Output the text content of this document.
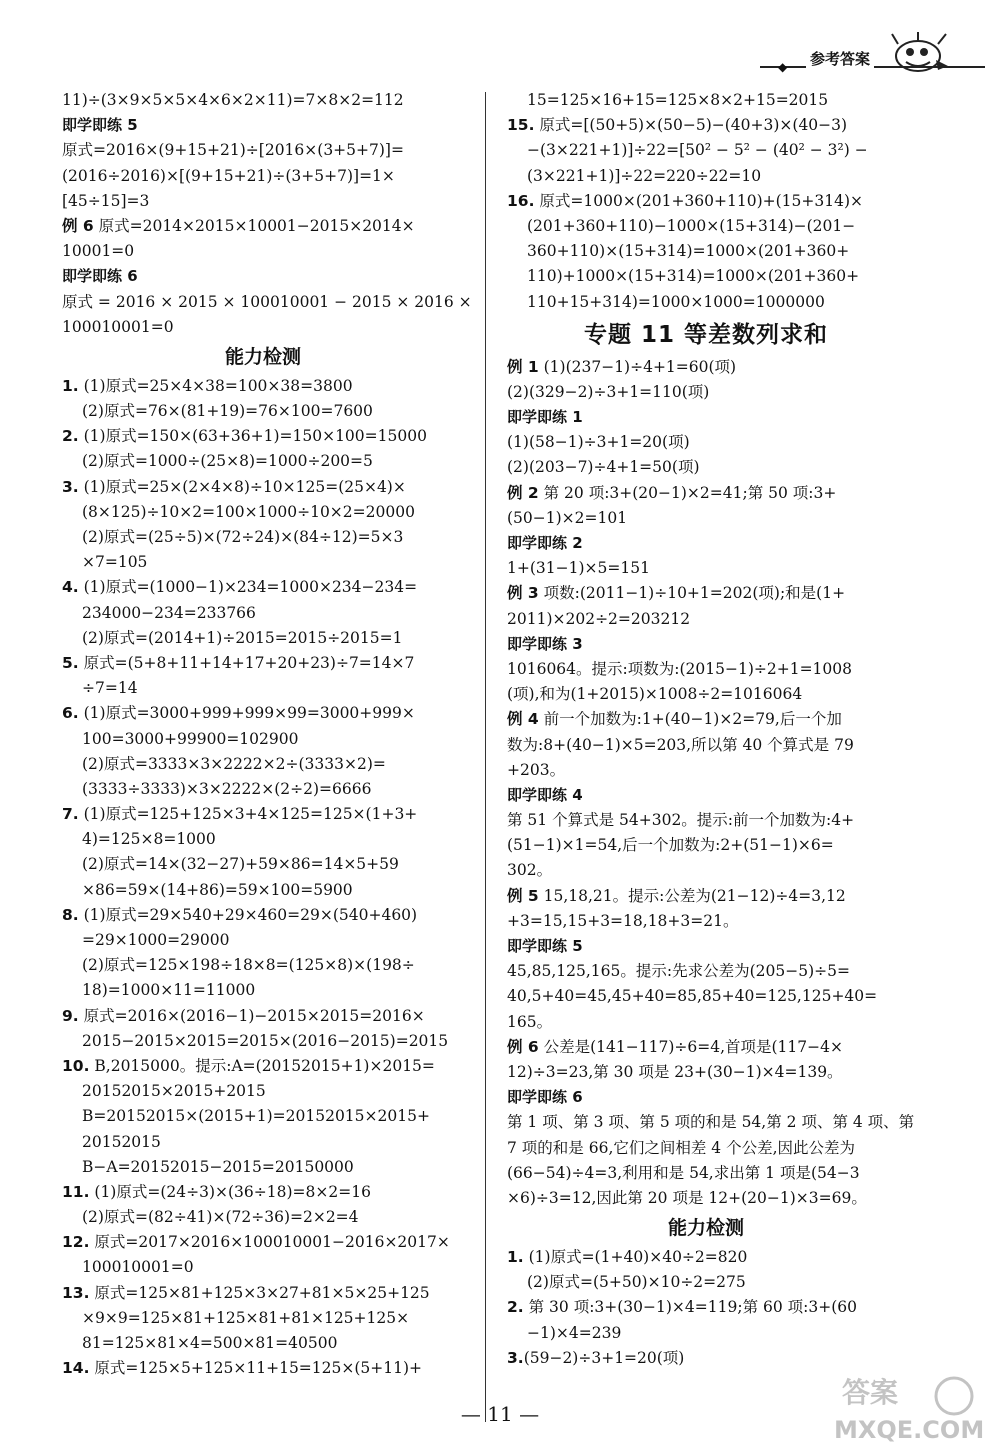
◆ 参考答案
11)÷(3×9×5×5×4×6×2×11)=7×8×2=112
即学即练 5
原式=2016×(9+15+21)÷[2016×(3+5+7)]=
(2016÷2016)×[(9+15+21)÷(3+5+7)]=1×
[45÷15]=3
例 6 原式=2014×2015×10001−2015×2014×
10001=0
即学即练 6
原式 = 2016 × 2015 × 100010001 − 2015 × 2016 ×
100010001=0
能力检测
1. (1)原式=25×4×38=100×38=3800
(2)原式=76×(81+19)=76×100=7600
2. (1)原式=150×(63+36+1)=150×100=15000
(2)原式=1000÷(25×8)=1000÷200=5
3. (1)原式=25×(2×4×8)÷10×125=(25×4)×
(8×125)÷10×2=100×1000÷10×2=20000
(2)原式=(25÷5)×(72÷24)×(84÷12)=5×3
×7=105
4. (1)原式=(1000−1)×234=1000×234−234=
234000−234=233766
(2)原式=(2014+1)÷2015=2015÷2015=1
5. 原式=(5+8+11+14+17+20+23)÷7=14×7
÷7=14
6. (1)原式=3000+999+999×99=3000+999×
100=3000+99900=102900
(2)原式=3333×3×2222×2÷(3333×2)=
(3333÷3333)×3×2222×(2÷2)=6666
7. (1)原式=125+125×3+4×125=125×(1+3+
4)=125×8=1000
(2)原式=14×(32−27)+59×86=14×5+59
×86=59×(14+86)=59×100=5900
8. (1)原式=29×540+29×460=29×(540+460)
=29×1000=29000
(2)原式=125×198÷18×8=(125×8)×(198÷
18)=1000×11=11000
9. 原式=2016×(2016−1)−2015×2015=2016×
2015−2015×2015=2015×(2016−2015)=2015
10. B,2015000。提示:A=(20152015+1)×2015=
20152015×2015+2015
B=20152015×(2015+1)=20152015×2015+
20152015
B−A=20152015−2015=20150000
11. (1)原式=(24÷3)×(36÷18)=8×2=16
(2)原式=(82÷41)×(72÷36)=2×2=4
12. 原式=2017×2016×100010001−2016×2017×
100010001=0
13. 原式=125×81+125×3×27+81×5×25+125
×9×9=125×81+125×81+81×125+125×
81=125×81×4=500×81=40500
14. 原式=125×5+125×11+15=125×(5+11)+
15=125×16+15=125×8×2+15=2015
15. 原式=[(50+5)×(50−5)−(40+3)×(40−3)
−(3×221+1)]÷22=[50² − 5² − (40² − 3²) −
(3×221+1)]÷22=220÷22=10
16. 原式=1000×(201+360+110)+(15+314)×
(201+360+110)−1000×(15+314)−(201−
360+110)×(15+314)=1000×(201+360+
110)+1000×(15+314)=1000×(201+360+
110+15+314)=1000×1000=1000000
专题 11 等差数列求和
例 1 (1)(237−1)÷4+1=60(项)
(2)(329−2)÷3+1=110(项)
即学即练 1
(1)(58−1)÷3+1=20(项)
(2)(203−7)÷4+1=50(项)
例 2 第 20 项:3+(20−1)×2=41;第 50 项:3+
(50−1)×2=101
即学即练 2
1+(31−1)×5=151
例 3 项数:(2011−1)÷10+1=202(项);和是(1+
2011)×202÷2=203212
即学即练 3
1016064。提示:项数为:(2015−1)÷2+1=1008
(项),和为(1+2015)×1008÷2=1016064
例 4 前一个加数为:1+(40−1)×2=79,后一个加
数为:8+(40−1)×5=203,所以第 40 个算式是 79
+203。
即学即练 4
第 51 个算式是 54+302。提示:前一个加数为:4+
(51−1)×1=54,后一个加数为:2+(51−1)×6=
302。
例 5 15,18,21。提示:公差为(21−12)÷4=3,12
+3=15,15+3=18,18+3=21。
即学即练 5
45,85,125,165。提示:先求公差为(205−5)÷5=
40,5+40=45,45+40=85,85+40=125,125+40=
165。
例 6 公差是(141−117)÷6=4,首项是(117−4×
12)÷3=23,第 30 项是 23+(30−1)×4=139。
即学即练 6
第 1 项、第 3 项、第 5 项的和是 54,第 2 项、第 4 项、第
7 项的和是 66,它们之间相差 4 个公差,因此公差为
(66−54)÷4=3,利用和是 54,求出第 1 项是(54−3
×6)÷3=12,因此第 20 项是 12+(20−1)×3=69。
能力检测
1. (1)原式=(1+40)×40÷2=820
(2)原式=(5+50)×10÷2=275
2. 第 30 项:3+(30−1)×4=119;第 60 项:3+(60
−1)×4=239
3.(59−2)÷3+1=20(项)
— 11 —
答案
MXQE.COM
